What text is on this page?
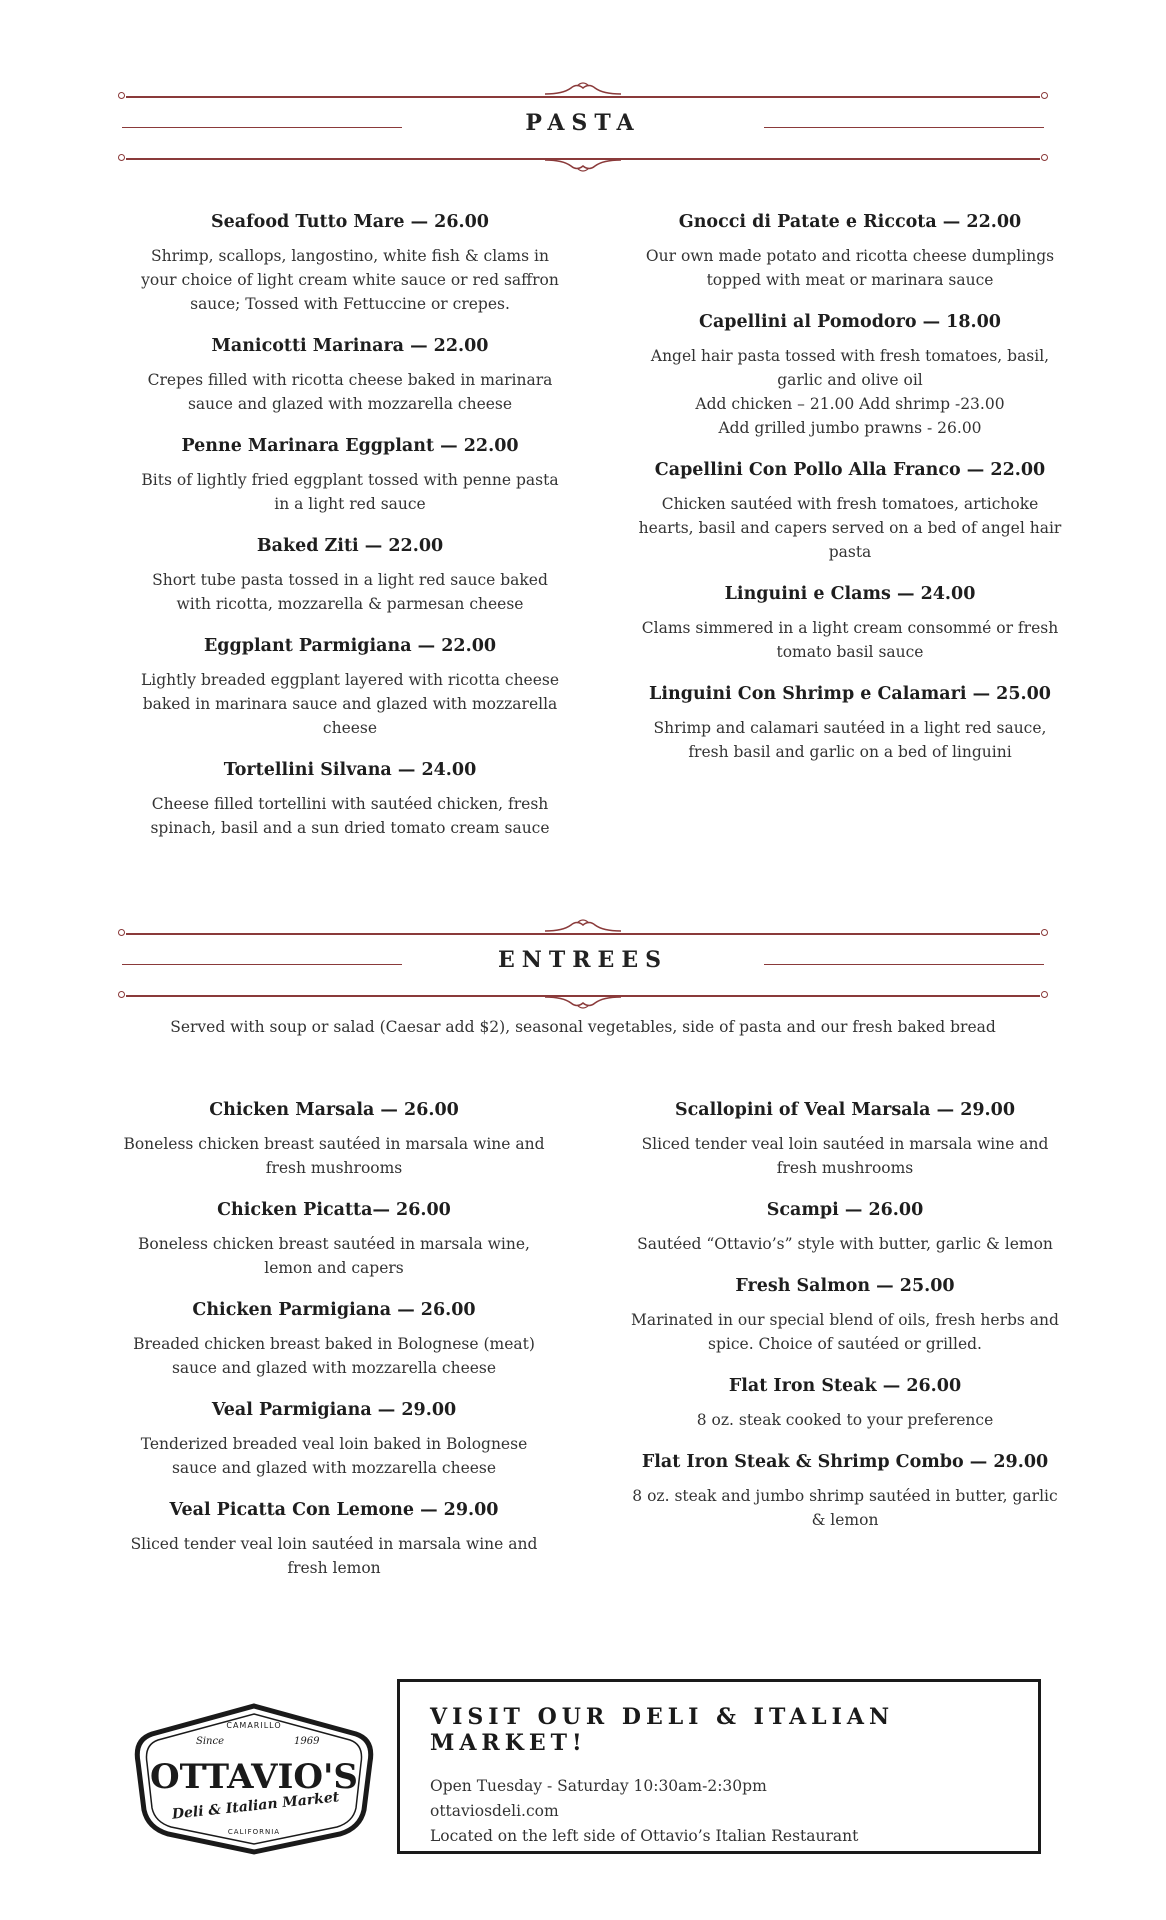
PASTA
Seafood Tutto Mare — 26.00

Shrimp, scallops, langostino, white fish & clams in your choice of light cream white sauce or red saffron sauce; Tossed with Fettuccine or crepes.

Manicotti Marinara — 22.00

Crepes filled with ricotta cheese baked in marinara sauce and glazed with mozzarella cheese

Penne Marinara Eggplant — 22.00

Bits of lightly fried eggplant tossed with penne pasta in a light red sauce

Baked Ziti — 22.00

Short tube pasta tossed in a light red sauce baked with ricotta, mozzarella & parmesan cheese

Eggplant Parmigiana — 22.00

Lightly breaded eggplant layered with ricotta cheese baked in marinara sauce and glazed with mozzarella cheese

Tortellini Silvana — 24.00

Cheese filled tortellini with sautéed chicken, fresh spinach, basil and a sun dried tomato cream sauce

Gnocci di Patate e Riccota — 22.00

Our own made potato and ricotta cheese dumplings topped with meat or marinara sauce

Capellini al Pomodoro — 18.00

Angel hair pasta tossed with fresh tomatoes, basil, garlic and olive oil

Add chicken – 21.00 Add shrimp -23.00

Add grilled jumbo prawns - 26.00

Capellini Con Pollo Alla Franco — 22.00

Chicken sautéed with fresh tomatoes, artichoke hearts, basil and capers served on a bed of angel hair pasta

Linguini e Clams — 24.00

Clams simmered in a light cream consommé or fresh tomato basil sauce

Linguini Con Shrimp e Calamari — 25.00

Shrimp and calamari sautéed in a light red sauce, fresh basil and garlic on a bed of linguini

ENTREES

Served with soup or salad (Caesar add $2), seasonal vegetables, side of pasta and our fresh baked bread

Chicken Marsala — 26.00

Boneless chicken breast sautéed in marsala wine and fresh mushrooms

Chicken Picatta— 26.00

Boneless chicken breast sautéed in marsala wine, lemon and capers

Chicken Parmigiana — 26.00

Breaded chicken breast baked in Bolognese (meat) sauce and glazed with mozzarella cheese

Veal Parmigiana — 29.00

Tenderized breaded veal loin baked in Bolognese sauce and glazed with mozzarella cheese

Veal Picatta Con Lemone — 29.00

Sliced tender veal loin sautéed in marsala wine and fresh lemon

Scallopini of Veal Marsala — 29.00

Sliced tender veal loin sautéed in marsala wine and fresh mushrooms

Scampi — 26.00

Sautéed “Ottavio’s” style with butter, garlic & lemon

Fresh Salmon — 25.00

Marinated in our special blend of oils, fresh herbs and spice. Choice of sautéed or grilled.

Flat Iron Steak — 26.00

8 oz. steak cooked to your preference

Flat Iron Steak & Shrimp Combo — 29.00

8 oz. steak and jumbo shrimp sautéed in butter, garlic & lemon

CAMARILLO
Since	1969
OTTAVIO'S
Deli & Italian Market
CALIFORNIA
VISIT OUR DELI & ITALIAN MARKET!

Open Tuesday - Saturday 10:30am-2:30pm

ottaviosdeli.com

Located on the left side of Ottavio’s Italian Restaurant
